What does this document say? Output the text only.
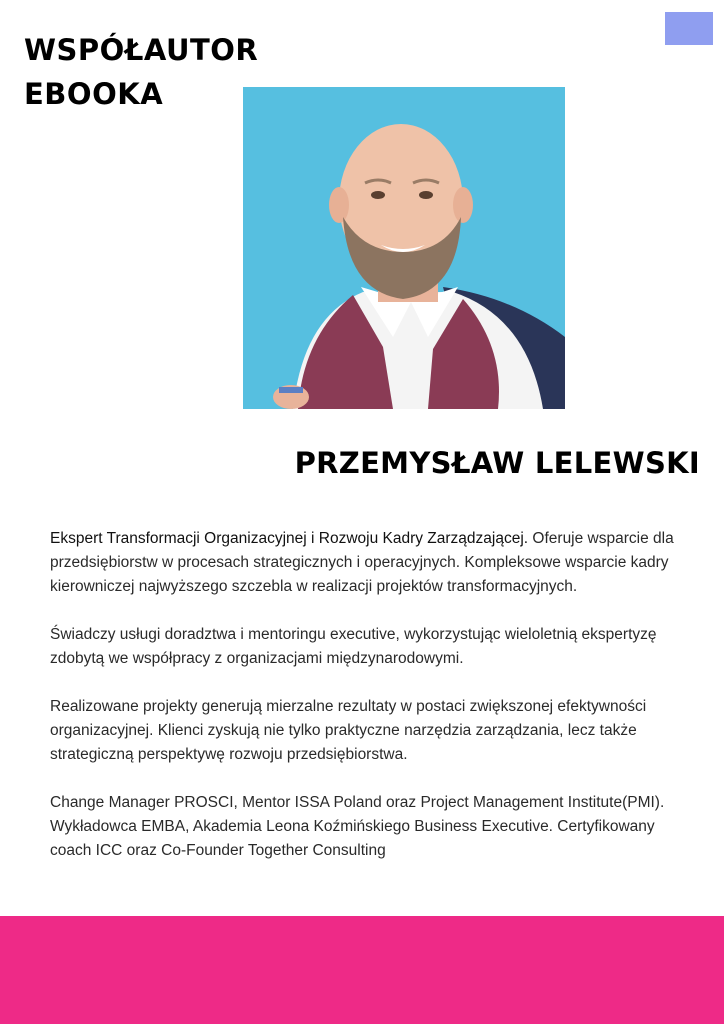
WSPÓŁAUTOR
EBOOKA
PRZEMYSŁAW LELEWSKI

Ekspert Transformacji Organizacyjnej i Rozwoju Kadry Zarządzającej. Oferuje wsparcie dla przedsiębiorstw w procesach strategicznych i operacyjnych. Kompleksowe wsparcie kadry kierowniczej najwyższego szczebla w realizacji projektów transformacyjnych.

Świadczy usługi doradztwa i mentoringu executive, wykorzystując wieloletnią ekspertyzę zdobytą we współpracy z organizacjami międzynarodowymi.

Realizowane projekty generują mierzalne rezultaty w postaci zwiększonej efektywności organizacyjnej. Klienci zyskują nie tylko praktyczne narzędzia zarządzania, lecz także strategiczną perspektywę rozwoju przedsiębiorstwa.

Change Manager PROSCI, Mentor ISSA Poland oraz Project Management Institute(PMI). Wykładowca EMBA, Akademia Leona Koźmińskiego Business Executive. Certyfikowany coach ICC oraz Co-Founder Together Consulting
